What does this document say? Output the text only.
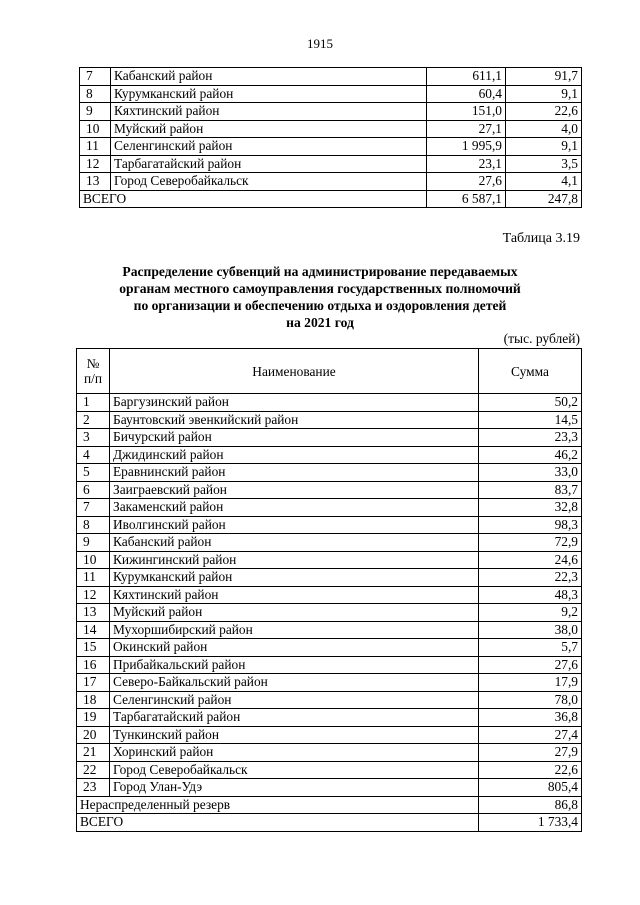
1915
7	Кабанский район	611,1	91,7
8	Курумканский район	60,4	9,1
9	Кяхтинский район	151,0	22,6
10	Муйский район	27,1	4,0
11	Селенгинский район	1 995,9	9,1
12	Тарбагатайский район	23,1	3,5
13	Город Северобайкальск	27,6	4,1
ВСЕГО		6 587,1	247,8
Таблица 3.19
Распределение субвенций на администрирование передаваемых
органам местного самоуправления государственных полномочий
по организации и обеспечению отдыха и оздоровления детей
на 2021 год
(тыс. рублей)
№
п/п	Наименование	Сумма
1	Баргузинский район	50,2
2	Баунтовский эвенкийский район	14,5
3	Бичурский район	23,3
4	Джидинский район	46,2
5	Еравнинский район	33,0
6	Заиграевский район	83,7
7	Закаменский район	32,8
8	Иволгинский район	98,3
9	Кабанский район	72,9
10	Кижингинский район	24,6
11	Курумканский район	22,3
12	Кяхтинский район	48,3
13	Муйский район	9,2
14	Мухоршибирский район	38,0
15	Окинский район	5,7
16	Прибайкальский район	27,6
17	Северо-Байкальский район	17,9
18	Селенгинский район	78,0
19	Тарбагатайский район	36,8
20	Тункинский район	27,4
21	Хоринский район	27,9
22	Город Северобайкальск	22,6
23	Город Улан-Удэ	805,4
Нераспределенный резерв		86,8
ВСЕГО		1 733,4
